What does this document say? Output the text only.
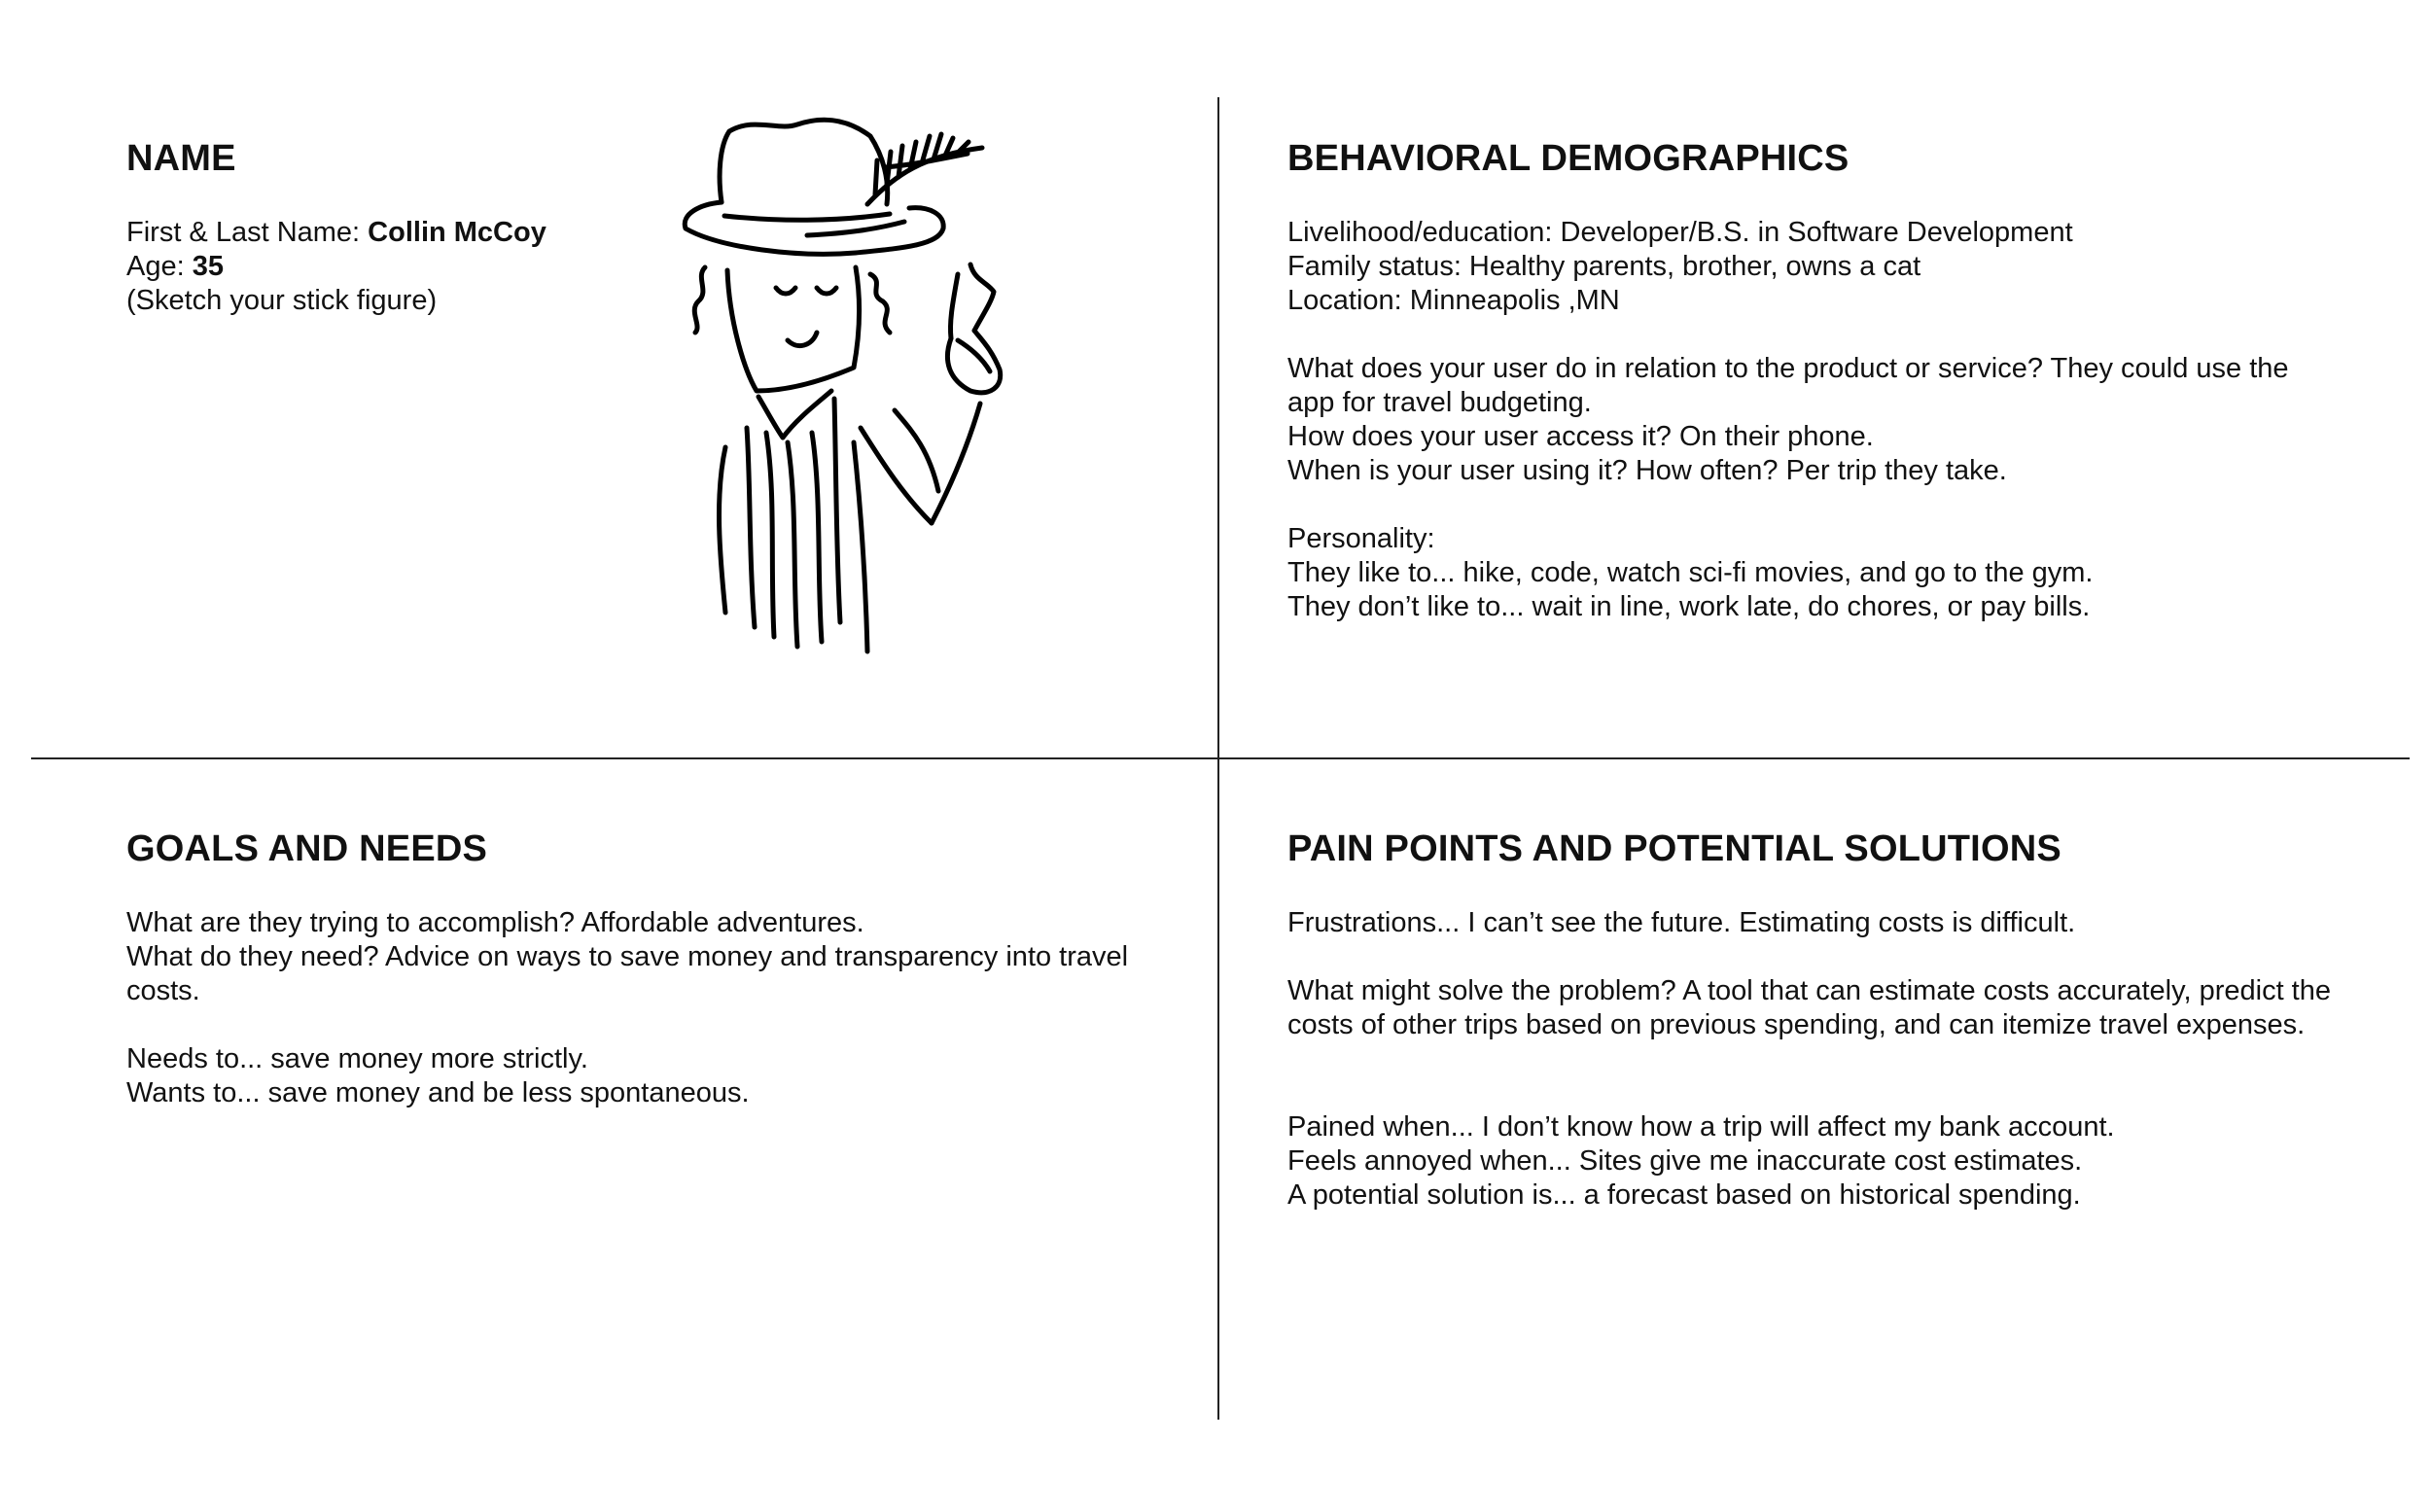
NAME

First & Last Name: Collin McCoy

Age: 35

(Sketch your stick figure)

BEHAVIORAL DEMOGRAPHICS

Livelihood/education: Developer/B.S. in Software Development

Family status: Healthy parents, brother, owns a cat

Location: Minneapolis ,MN

What does your user do in relation to the product or service? They could use the app for travel budgeting.

How does your user access it? On their phone.

When is your user using it? How often? Per trip they take.

Personality:

They like to... hike, code, watch sci-fi movies, and go to the gym.

They don’t like to... wait in line, work late, do chores, or pay bills.

GOALS AND NEEDS

What are they trying to accomplish? Affordable adventures.

What do they need? Advice on ways to save money and transparency into travel costs.

Needs to... save money more strictly.

Wants to... save money and be less spontaneous.

PAIN POINTS AND POTENTIAL SOLUTIONS

Frustrations... I can’t see the future. Estimating costs is difficult.

What might solve the problem? A tool that can estimate costs accurately, predict the costs of other trips based on previous spending, and can itemize travel expenses.

Pained when... I don’t know how a trip will affect my bank account.

Feels annoyed when... Sites give me inaccurate cost estimates.

A potential solution is... a forecast based on historical spending.
